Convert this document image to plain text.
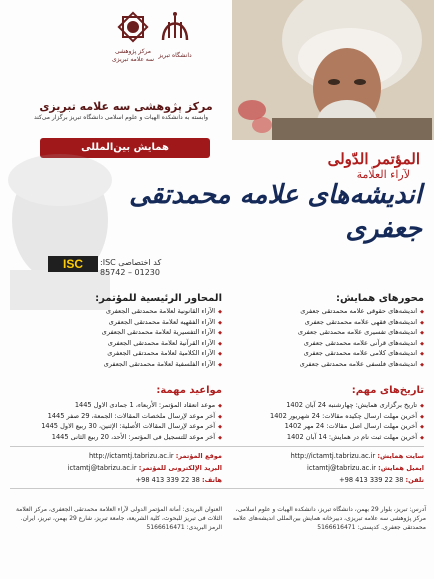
مرکز پژوهشی
سه علامه تبریزی
دانشگاه تبریز
مرکز پژوهشی سه علامه تبریزی
وابسته به دانشکده الهیات و علوم اسلامی دانشگاه تبریز برگزار می‌کند
همایش بین‌المللی
المؤتمر الدّولی
لآراء العلّامة
اندیشه‌های علامه محمدتقی جعفری
کد اختصاصی ISC:
85742 – 01230
ISC
محورهای همایش:
◆ اندیشه‌های حقوقی علامه محمدتقی جعفری
◆ اندیشه‌های فقهی علامه محمدتقی جعفری
◆ اندیشه‌های تفسیری علامه محمدتقی جعفری
◆ اندیشه‌های قرآنی علامه محمدتقی جعفری
◆ اندیشه‌های کلامی علامه محمدتقی جعفری
◆ اندیشه‌های فلسفی علامه محمدتقی جعفری
المحاور الرئیسیة للمؤتمر:
◆ الآراء القانونیة لعلامة محمدتقی الجعفری
◆ الآراء الفقهیه لعلامة محمدتقی الجعفری
◆ الآراء التفسیریة لعلامة محمدتقی الجعفری
◆ الآراء القرآنیة لعلامة محمدتقی الجعفری
◆ الآراء الکلامیة لعلامة محمدتقی الجعفری
◆ الآراء الفلسفیة لعلامة محمدتقی الجعفری
تاریخ‌های مهم:
◆ تاریخ برگزاری همایش: چهارشنبه 24 آبان 1402
◆ آخرین مهلت ارسال چکیده مقالات: 24 شهریور 1402
◆ آخرین مهلت ارسال اصل مقالات: 24 مهر 1402
◆ آخرین مهلت ثبت نام در همایش: 14 آبان 1402
مواعید مهمة:
◆ موعد انعقاد المؤتمر: الأربعاء، 1 جمادی الاول 1445
◆ آخر موعد لإرسال ملخصات المقالات: الجمعة، 29 صفر 1445
◆ آخر موعد لإرسال المقالات الأصلیة: الإثنین، 30 ربیع الاول 1445
◆ آخر موعد للتسجیل فی المؤتمر: الأحد، 20 ربیع الثانی 1445
سایت همایش: http://ictamtj.tabrizu.ac.ir
ایمیل همایش: ictamtj@tabrizu.ac.ir
تلفن: +98 413 339 22 38
موقع المؤتمر: http://ictamtj.tabrizu.ac.ir
البرید الإلکترونی للمؤتمر: ictamtj@tabrizu.ac.ir
هاتف: +98 413 339 22 38
آدرس: تبریز، بلوار 29 بهمن، دانشگاه تبریز، دانشکده الهیات و علوم اسلامی، مرکز پژوهشی سه علامه تبریزی، دبیرخانه همایش بین‌المللی اندیشه‌های علامه محمدتقی جعفری. کدپستی: 5166616471
العنوان البریدی: أمانة المؤتمر الدولی لآراء العلامة محمدتقی الجعفری، مرکز العلامة الثلاث فی تبریز للبحوث، کلیة الشریعة، جامعة تبریز، شارع 29 بهمن، تبریز، ایران. الرمز البریدی: 5166616471
